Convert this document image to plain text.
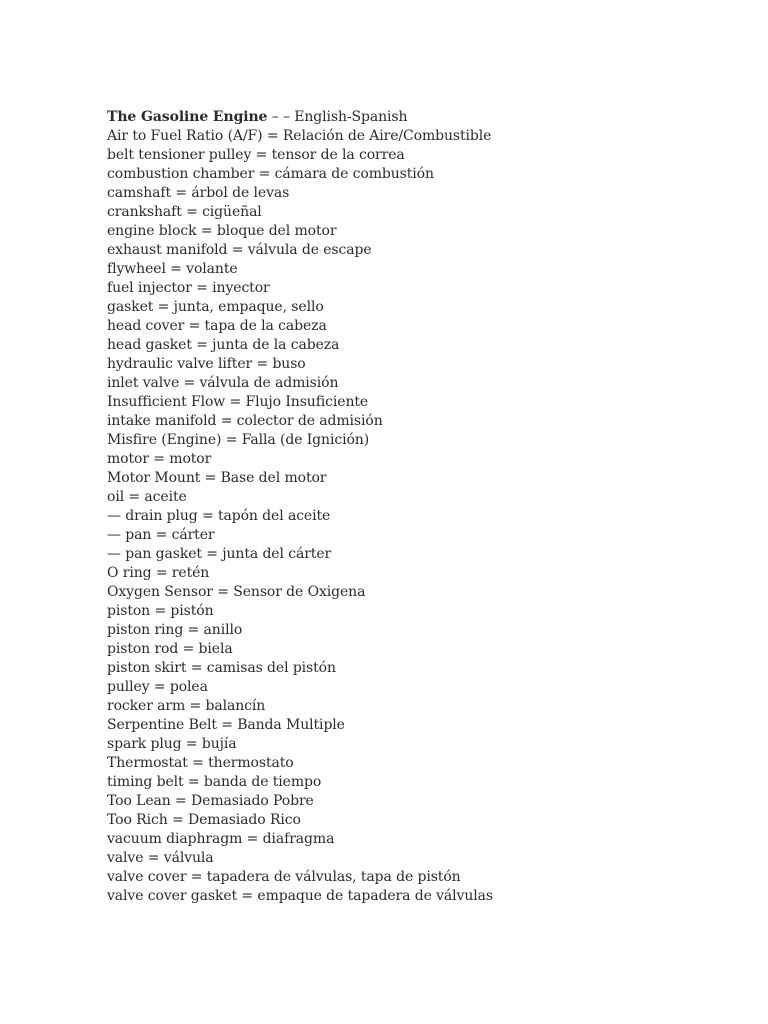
The Gasoline Engine – – English-Spanish
Air to Fuel Ratio (A/F) = Relación de Aire/Combustible
belt tensioner pulley = tensor de la correa
combustion chamber = cámara de combustión
camshaft = árbol de levas
crankshaft = cigüeñal
engine block = bloque del motor
exhaust manifold = válvula de escape
flywheel = volante
fuel injector = inyector
gasket = junta, empaque, sello
head cover = tapa de la cabeza
head gasket = junta de la cabeza
hydraulic valve lifter = buso
inlet valve = válvula de admisión
Insufficient Flow = Flujo Insuficiente
intake manifold = colector de admisión
Misfire (Engine) = Falla (de Ignición)
motor = motor
Motor Mount = Base del motor
oil = aceite
— drain plug = tapón del aceite
— pan = cárter
— pan gasket = junta del cárter
O ring = retén
Oxygen Sensor = Sensor de Oxigena
piston = pistón
piston ring = anillo
piston rod = biela
piston skirt = camisas del pistón
pulley = polea
rocker arm = balancín
Serpentine Belt = Banda Multiple
spark plug = bujía
Thermostat = thermostato
timing belt = banda de tiempo
Too Lean = Demasiado Pobre
Too Rich = Demasiado Rico
vacuum diaphragm = diafragma
valve = válvula
valve cover = tapadera de válvulas, tapa de pistón
valve cover gasket = empaque de tapadera de válvulas
